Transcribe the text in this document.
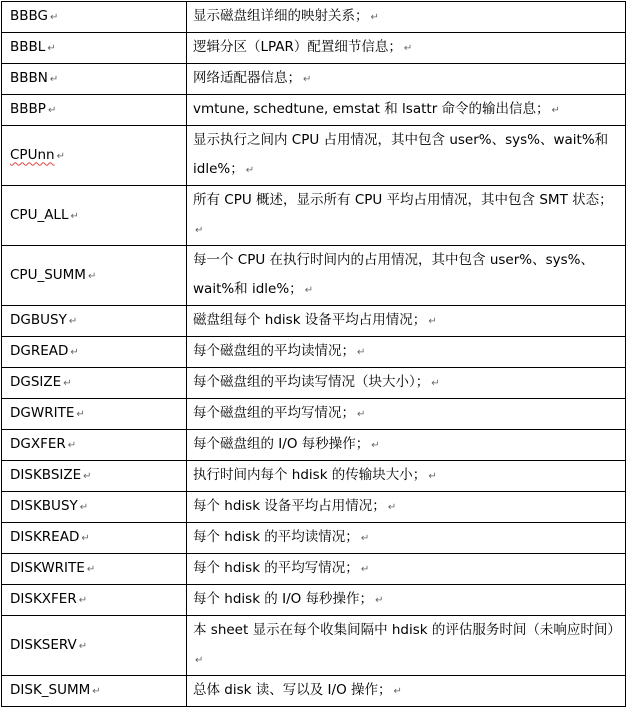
BBBG ↵	显示磁盘组详细的映射关系； ↵
BBBL ↵	逻辑分区（LPAR）配置细节信息； ↵
BBBN ↵	网络适配器信息； ↵
BBBP ↵	vmtune, schedtune, emstat 和 lsattr 命令的输出信息； ↵
CPUnn ↵	显示执行之间内 CPU 占用情况，其中包含 user%、sys%、wait%和 idle%； ↵
CPU_ALL ↵	所有 CPU 概述，显示所有 CPU 平均占用情况，其中包含 SMT 状态；↵
CPU_SUMM ↵	每一个 CPU 在执行时间内的占用情况，其中包含 user%、sys%、wait%和 idle%； ↵
DGBUSY ↵	磁盘组每个 hdisk 设备平均占用情况； ↵
DGREAD ↵	每个磁盘组的平均读情况； ↵
DGSIZE ↵	每个磁盘组的平均读写情况（块大小）； ↵
DGWRITE ↵	每个磁盘组的平均写情况； ↵
DGXFER ↵	每个磁盘组的 I/O 每秒操作； ↵
DISKBSIZE ↵	执行时间内每个 hdisk 的传输块大小； ↵
DISKBUSY ↵	每个 hdisk 设备平均占用情况； ↵
DISKREAD ↵	每个 hdisk 的平均读情况； ↵
DISKWRITE ↵	每个 hdisk 的平均写情况； ↵
DISKXFER ↵	每个 hdisk 的 I/O 每秒操作； ↵
DISKSERV ↵	本 sheet 显示在每个收集间隔中 hdisk 的评估服务时间（未响应时间）↵
DISK_SUMM ↵	总体 disk 读、写以及 I/O 操作； ↵
